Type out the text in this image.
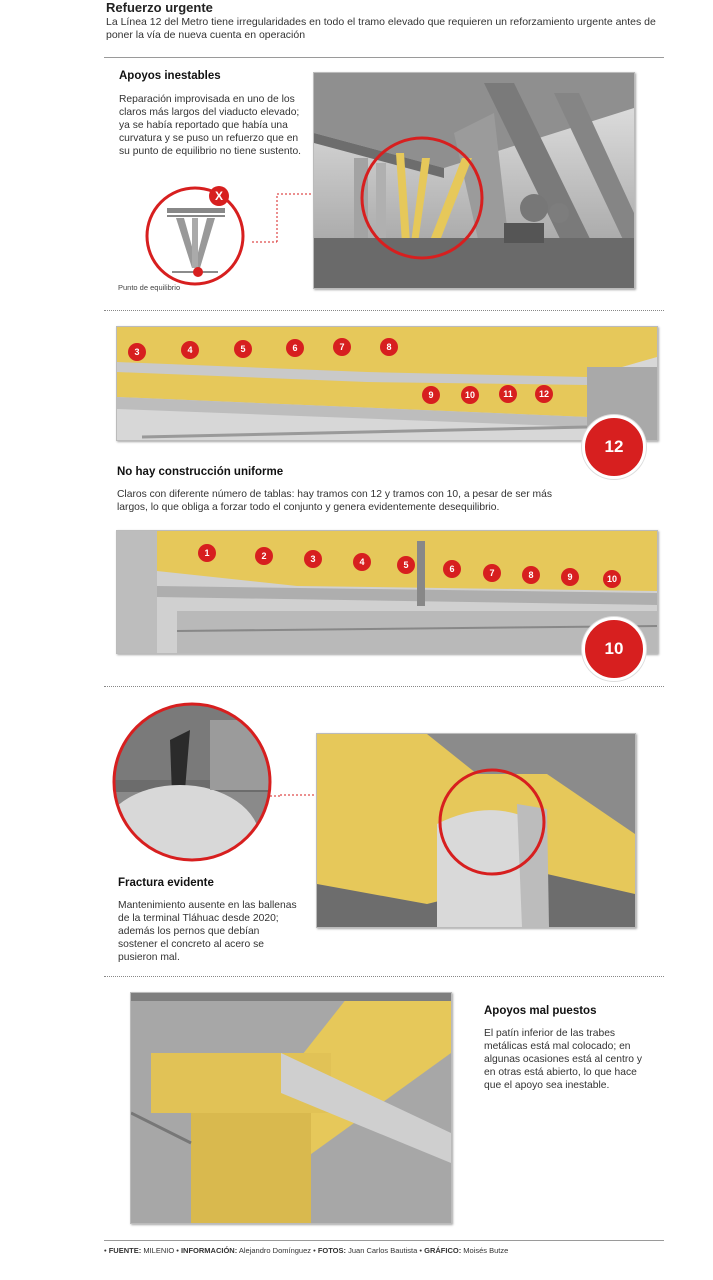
Refuerzo urgente
La Línea 12 del Metro tiene irregularidades en todo el tramo elevado que requieren un reforzamiento urgente antes de poner la vía de nueva cuenta en operación
Apoyos inestables
Reparación improvisada en uno de los claros más largos del viaducto elevado; ya se había reportado que había una curvatura y se puso un refuerzo que en su punto de equilibrio no tiene sustento.
X
Punto de equilibrio
3	4	5	6	7	8
9	10	11	12
12
No hay construcción uniforme
Claros con diferente número de tablas: hay tramos con 12 y tramos con 10, a pesar de ser más largos, lo que obliga a forzar todo el conjunto y genera evidentemente desequilibrio.
1	2	3	4	5	6	7	8	9	10
10
Fractura evidente
Mantenimiento ausente en las ballenas de la terminal Tláhuac desde 2020; además los pernos que debían sostener el concreto al acero se pusieron mal.
Apoyos mal puestos
El patín inferior de las trabes metálicas está mal colocado; en algunas ocasiones está al centro y en otras está abierto, lo que hace que el apoyo sea inestable.
• FUENTE: MILENIO • INFORMACIÓN: Alejandro Domínguez • FOTOS: Juan Carlos Bautista • GRÁFICO: Moisés Butze
